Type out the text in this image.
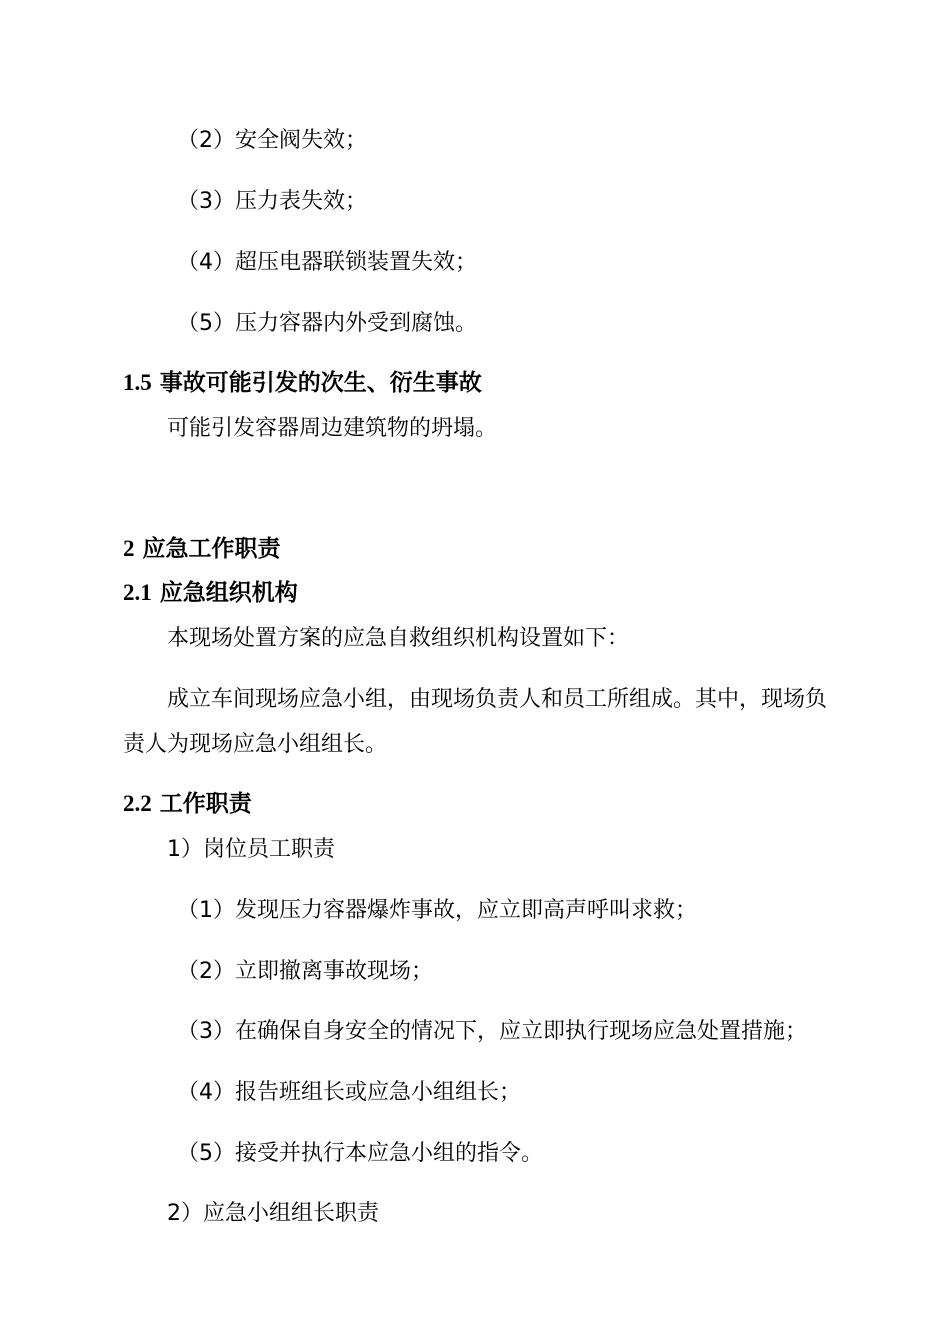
（2）安全阀失效；
（3）压力表失效；
（4）超压电器联锁装置失效；
（5）压力容器内外受到腐蚀。
1.5 事故可能引发的次生、衍生事故
可能引发容器周边建筑物的坍塌。
2 应急工作职责
2.1 应急组织机构
本现场处置方案的应急自救组织机构设置如下：
成立车间现场应急小组，由现场负责人和员工所组成。其中，现场负
责人为现场应急小组组长。
2.2 工作职责
1）岗位员工职责
（1）发现压力容器爆炸事故，应立即高声呼叫求救；
（2）立即撤离事故现场；
（3）在确保自身安全的情况下，应立即执行现场应急处置措施；
（4）报告班组长或应急小组组长；
（5）接受并执行本应急小组的指令。
2）应急小组组长职责
